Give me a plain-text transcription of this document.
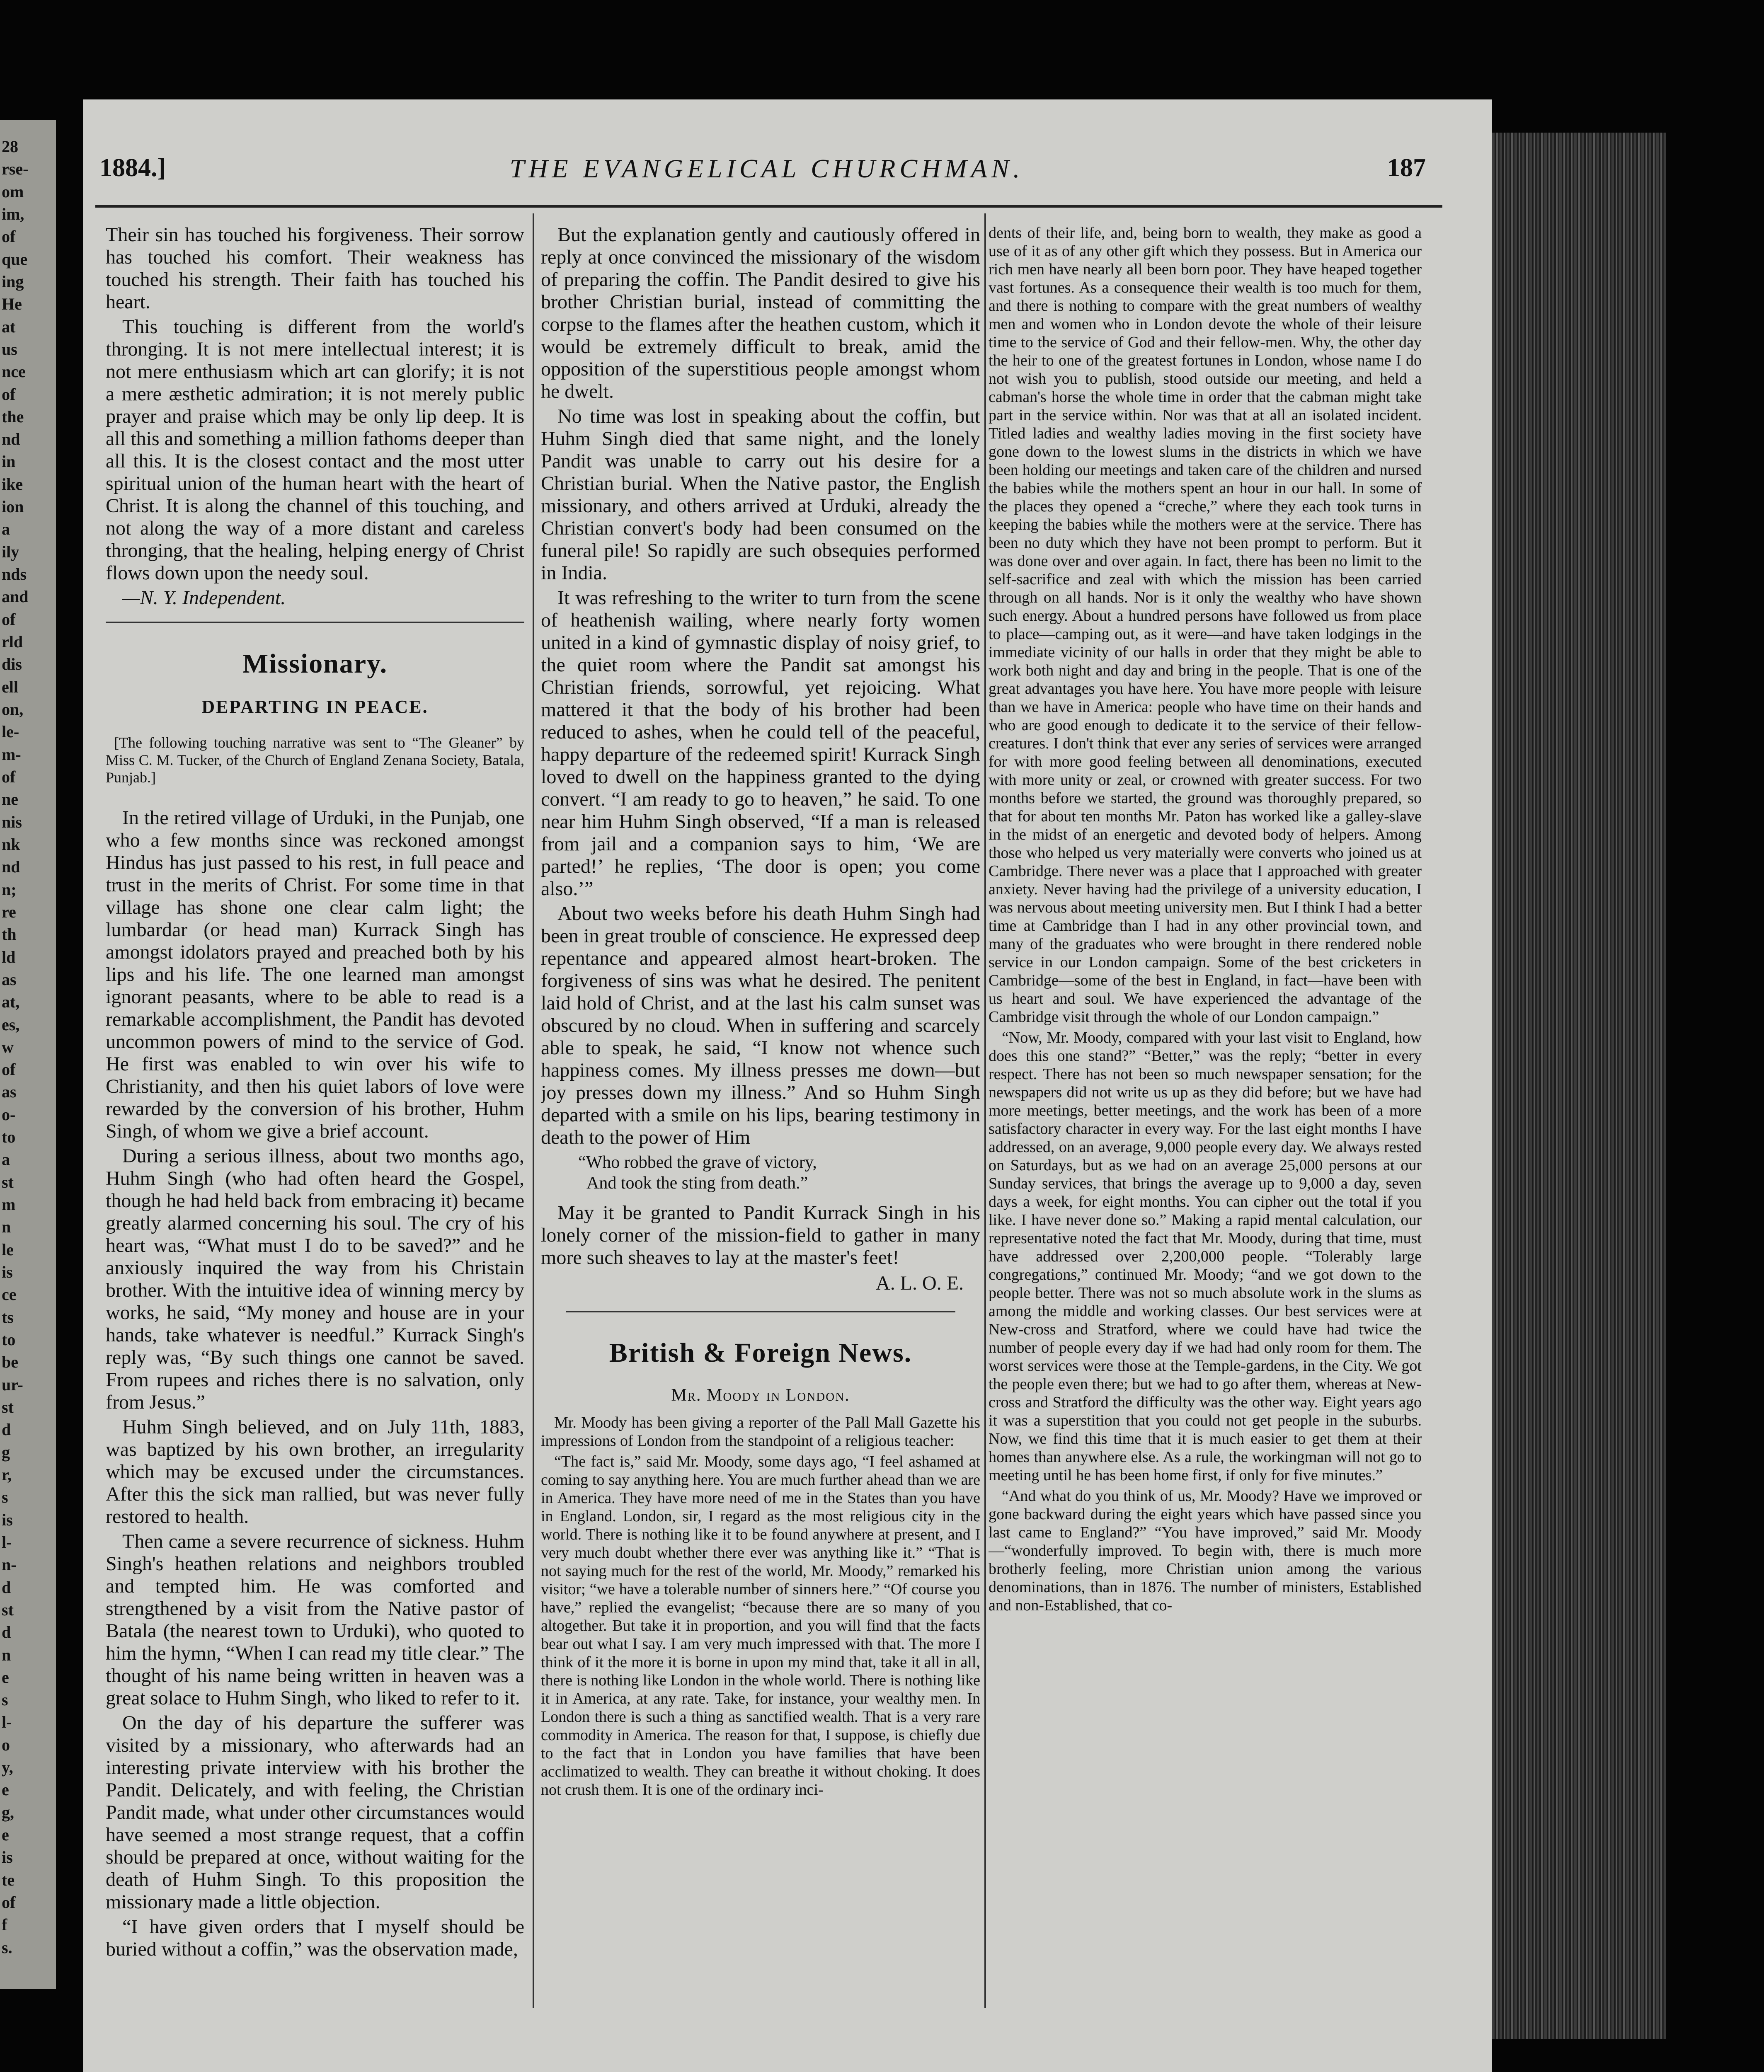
28
rse-
om
im,
of
que
ing
He
at
us
nce
of
the
nd
in
ike
ion
a
ily
nds
and
of
rld
dis
ell
on,
le-
m-
of
ne
nis
nk
nd
n;
re
th
ld
as
at,
es,
w
of
as
o-
to
a
st
m
n
le
is
ce
ts
to
be
ur-
st
d
g
r,
s
is
l-
n-
d
st
d
n
e
s
l-
o
y,
e
g,
e
is
te
of
f
s.
1884.]	THE EVANGELICAL CHURCHMAN.	187

Their sin has touched his forgiveness. Their sorrow has touched his comfort. Their weakness has touched his strength. Their faith has touched his heart.

This touching is different from the world's thronging. It is not mere intellectual interest; it is not mere enthusiasm which art can glorify; it is not a mere æsthetic admiration; it is not merely public prayer and praise which may be only lip deep. It is all this and something a million fathoms deeper than all this. It is the closest contact and the most utter spiritual union of the human heart with the heart of Christ. It is along the channel of this touching, and not along the way of a more distant and careless thronging, that the healing, helping energy of Christ flows down upon the needy soul.

—N. Y. Independent.

Missionary.
DEPARTING IN PEACE.

[The following touching narrative was sent to “The Gleaner” by Miss C. M. Tucker, of the Church of England Zenana Society, Batala, Punjab.]

In the retired village of Urduki, in the Punjab, one who a few months since was reckoned amongst Hindus has just passed to his rest, in full peace and trust in the merits of Christ. For some time in that village has shone one clear calm light; the lumbardar (or head man) Kurrack Singh has amongst idolators prayed and preached both by his lips and his life. The one learned man amongst ignorant peasants, where to be able to read is a remarkable accomplishment, the Pandit has devoted uncommon powers of mind to the service of God. He first was enabled to win over his wife to Christianity, and then his quiet labors of love were rewarded by the conversion of his brother, Huhm Singh, of whom we give a brief account.

During a serious illness, about two months ago, Huhm Singh (who had often heard the Gospel, though he had held back from embracing it) became greatly alarmed concerning his soul. The cry of his heart was, “What must I do to be saved?” and he anxiously inquired the way from his Christain brother. With the intuitive idea of winning mercy by works, he said, “My money and house are in your hands, take whatever is needful.” Kurrack Singh's reply was, “By such things one cannot be saved. From rupees and riches there is no salvation, only from Jesus.”

Huhm Singh believed, and on July 11th, 1883, was baptized by his own brother, an irregularity which may be excused under the circumstances. After this the sick man rallied, but was never fully restored to health.

Then came a severe recurrence of sickness. Huhm Singh's heathen relations and neighbors troubled and tempted him. He was comforted and strengthened by a visit from the Native pastor of Batala (the nearest town to Urduki), who quoted to him the hymn, “When I can read my title clear.” The thought of his name being written in heaven was a great solace to Huhm Singh, who liked to refer to it.

On the day of his departure the sufferer was visited by a missionary, who afterwards had an interesting private interview with his brother the Pandit. Delicately, and with feeling, the Christian Pandit made, what under other circumstances would have seemed a most strange request, that a coffin should be prepared at once, without waiting for the death of Huhm Singh. To this proposition the missionary made a little objection.

“I have given orders that I myself should be buried without a coffin,” was the observation made,

But the explanation gently and cautiously offered in reply at once convinced the missionary of the wisdom of preparing the coffin. The Pandit desired to give his brother Christian burial, instead of committing the corpse to the flames after the heathen custom, which it would be extremely difficult to break, amid the opposition of the superstitious people amongst whom he dwelt.

No time was lost in speaking about the coffin, but Huhm Singh died that same night, and the lonely Pandit was unable to carry out his desire for a Christian burial. When the Native pastor, the English missionary, and others arrived at Urduki, already the Christian convert's body had been consumed on the funeral pile! So rapidly are such obsequies performed in India.

It was refreshing to the writer to turn from the scene of heathenish wailing, where nearly forty women united in a kind of gymnastic display of noisy grief, to the quiet room where the Pandit sat amongst his Christian friends, sorrowful, yet rejoicing. What mattered it that the body of his brother had been reduced to ashes, when he could tell of the peaceful, happy departure of the redeemed spirit! Kurrack Singh loved to dwell on the happiness granted to the dying convert. “I am ready to go to heaven,” he said. To one near him Huhm Singh observed, “If a man is released from jail and a companion says to him, ‘We are parted!’ he replies, ‘The door is open; you come also.’”

About two weeks before his death Huhm Singh had been in great trouble of conscience. He expressed deep repentance and appeared almost heart-broken. The forgiveness of sins was what he desired. The penitent laid hold of Christ, and at the last his calm sunset was obscured by no cloud. When in suffering and scarcely able to speak, he said, “I know not whence such happiness comes. My illness presses me down—but joy presses down my illness.” And so Huhm Singh departed with a smile on his lips, bearing testimony in death to the power of Him

“Who robbed the grave of victory,
And took the sting from death.”

May it be granted to Pandit Kurrack Singh in his lonely corner of the mission-field to gather in many more such sheaves to lay at the master's feet!

A. L. O. E.

British & Foreign News.
Mr. Moody in London.

Mr. Moody has been giving a reporter of the Pall Mall Gazette his impressions of London from the standpoint of a religious teacher:

“The fact is,” said Mr. Moody, some days ago, “I feel ashamed at coming to say anything here. You are much further ahead than we are in America. They have more need of me in the States than you have in England. London, sir, I regard as the most religious city in the world. There is nothing like it to be found anywhere at present, and I very much doubt whether there ever was anything like it.” “That is not saying much for the rest of the world, Mr. Moody,” remarked his visitor; “we have a tolerable number of sinners here.” “Of course you have,” replied the evangelist; “because there are so many of you altogether. But take it in proportion, and you will find that the facts bear out what I say. I am very much impressed with that. The more I think of it the more it is borne in upon my mind that, take it all in all, there is nothing like London in the whole world. There is nothing like it in America, at any rate. Take, for instance, your wealthy men. In London there is such a thing as sanctified wealth. That is a very rare commodity in America. The reason for that, I suppose, is chiefly due to the fact that in London you have families that have been acclimatized to wealth. They can breathe it without choking. It does not crush them. It is one of the ordinary inci-

dents of their life, and, being born to wealth, they make as good a use of it as of any other gift which they possess. But in America our rich men have nearly all been born poor. They have heaped together vast fortunes. As a consequence their wealth is too much for them, and there is nothing to compare with the great numbers of wealthy men and women who in London devote the whole of their leisure time to the service of God and their fellow-men. Why, the other day the heir to one of the greatest fortunes in London, whose name I do not wish you to publish, stood outside our meeting, and held a cabman's horse the whole time in order that the cabman might take part in the service within. Nor was that at all an isolated incident. Titled ladies and wealthy ladies moving in the first society have gone down to the lowest slums in the districts in which we have been holding our meetings and taken care of the children and nursed the babies while the mothers spent an hour in our hall. In some of the places they opened a “creche,” where they each took turns in keeping the babies while the mothers were at the service. There has been no duty which they have not been prompt to perform. But it was done over and over again. In fact, there has been no limit to the self-sacrifice and zeal with which the mission has been carried through on all hands. Nor is it only the wealthy who have shown such energy. About a hundred persons have followed us from place to place—camping out, as it were—and have taken lodgings in the immediate vicinity of our halls in order that they might be able to work both night and day and bring in the people. That is one of the great advantages you have here. You have more people with leisure than we have in America: people who have time on their hands and who are good enough to dedicate it to the service of their fellow-creatures. I don't think that ever any series of services were arranged for with more good feeling between all denominations, executed with more unity or zeal, or crowned with greater success. For two months before we started, the ground was thoroughly prepared, so that for about ten months Mr. Paton has worked like a galley-slave in the midst of an energetic and devoted body of helpers. Among those who helped us very materially were converts who joined us at Cambridge. There never was a place that I approached with greater anxiety. Never having had the privilege of a university education, I was nervous about meeting university men. But I think I had a better time at Cambridge than I had in any other provincial town, and many of the graduates who were brought in there rendered noble service in our London campaign. Some of the best cricketers in Cambridge—some of the best in England, in fact—have been with us heart and soul. We have experienced the advantage of the Cambridge visit through the whole of our London campaign.”

“Now, Mr. Moody, compared with your last visit to England, how does this one stand?” “Better,” was the reply; “better in every respect. There has not been so much newspaper sensation; for the newspapers did not write us up as they did before; but we have had more meetings, better meetings, and the work has been of a more satisfactory character in every way. For the last eight months I have addressed, on an average, 9,000 people every day. We always rested on Saturdays, but as we had on an average 25,000 persons at our Sunday services, that brings the average up to 9,000 a day, seven days a week, for eight months. You can cipher out the total if you like. I have never done so.” Making a rapid mental calculation, our representative noted the fact that Mr. Moody, during that time, must have addressed over 2,200,000 people. “Tolerably large congregations,” continued Mr. Moody; “and we got down to the people better. There was not so much absolute work in the slums as among the middle and working classes. Our best services were at New-cross and Stratford, where we could have had twice the number of people every day if we had had only room for them. The worst services were those at the Temple-gardens, in the City. We got the people even there; but we had to go after them, whereas at New-cross and Stratford the difficulty was the other way. Eight years ago it was a superstition that you could not get people in the suburbs. Now, we find this time that it is much easier to get them at their homes than anywhere else. As a rule, the workingman will not go to meeting until he has been home first, if only for five minutes.”

“And what do you think of us, Mr. Moody? Have we improved or gone backward during the eight years which have passed since you last came to England?” “You have improved,” said Mr. Moody—“wonderfully improved. To begin with, there is much more brotherly feeling, more Christian union among the various denominations, than in 1876. The number of ministers, Established and non-Established, that co-
